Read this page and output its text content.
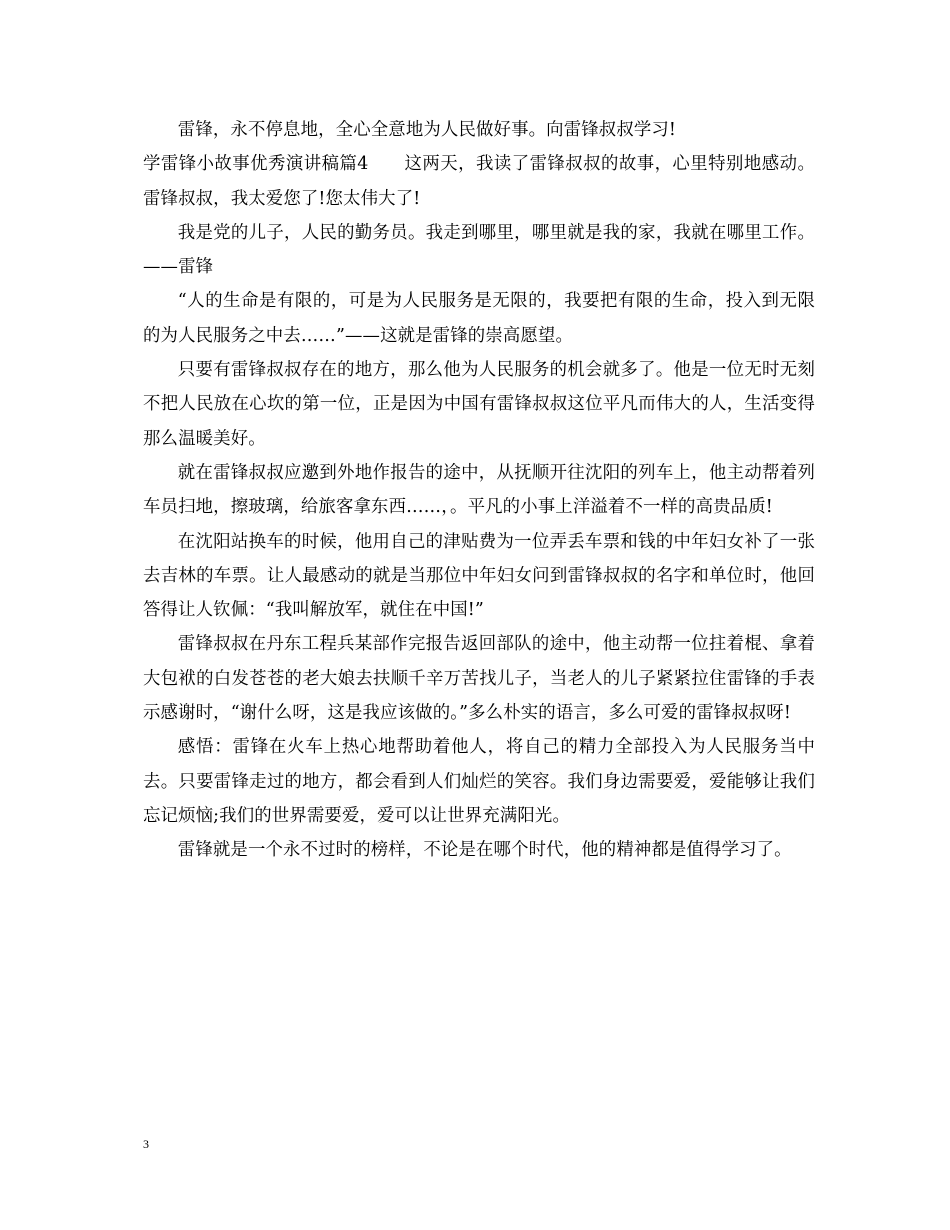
雷锋，永不停息地，全心全意地为人民做好事。向雷锋叔叔学习!

学雷锋小故事优秀演讲稿篇4　　这两天，我读了雷锋叔叔的故事，心里特别地感动。雷锋叔叔，我太爱您了!您太伟大了!

我是党的儿子，人民的勤务员。我走到哪里，哪里就是我的家，我就在哪里工作。——雷锋

“人的生命是有限的，可是为人民服务是无限的，我要把有限的生命，投入到无限的为人民服务之中去……”——这就是雷锋的崇高愿望。

只要有雷锋叔叔存在的地方，那么他为人民服务的机会就多了。他是一位无时无刻不把人民放在心坎的第一位，正是因为中国有雷锋叔叔这位平凡而伟大的人，生活变得那么温暖美好。

就在雷锋叔叔应邀到外地作报告的途中，从抚顺开往沈阳的列车上，他主动帮着列车员扫地，擦玻璃，给旅客拿东西……，。平凡的小事上洋溢着不一样的高贵品质!

在沈阳站换车的时候，他用自己的津贴费为一位弄丢车票和钱的中年妇女补了一张去吉林的车票。让人最感动的就是当那位中年妇女问到雷锋叔叔的名字和单位时，他回答得让人钦佩：“我叫解放军，就住在中国!”

雷锋叔叔在丹东工程兵某部作完报告返回部队的途中，他主动帮一位拄着棍、拿着大包袱的白发苍苍的老大娘去扶顺千辛万苦找儿子，当老人的儿子紧紧拉住雷锋的手表示感谢时，“谢什么呀，这是我应该做的。”多么朴实的语言，多么可爱的雷锋叔叔呀!

感悟：雷锋在火车上热心地帮助着他人，将自己的精力全部投入为人民服务当中去。只要雷锋走过的地方，都会看到人们灿烂的笑容。我们身边需要爱，爱能够让我们忘记烦恼;我们的世界需要爱，爱可以让世界充满阳光。

雷锋就是一个永不过时的榜样，不论是在哪个时代，他的精神都是值得学习了。

3
